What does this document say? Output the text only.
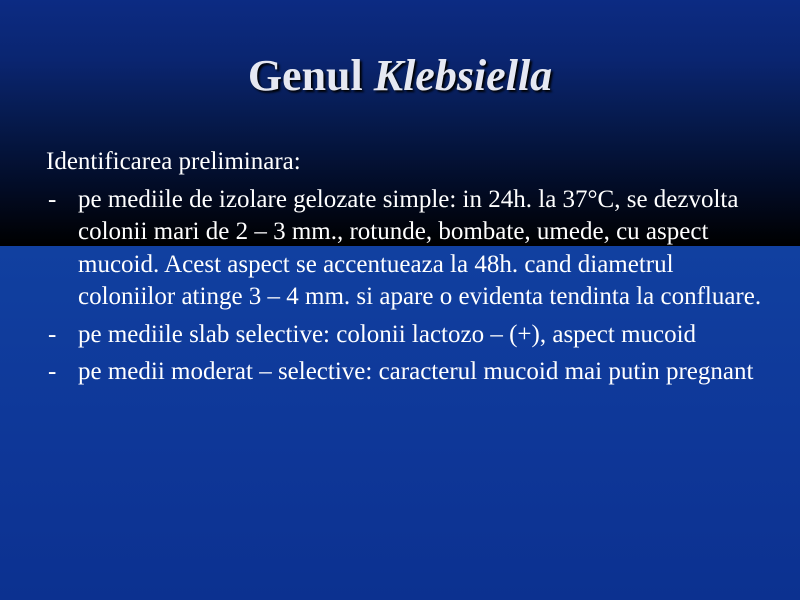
Genul Klebsiella
Identificarea preliminara:
- pe mediile de izolare gelozate simple: in 24h. la 37°C, se dezvolta colonii mari de 2 – 3 mm., rotunde, bombate, umede, cu aspect mucoid. Acest aspect se accentueaza la 48h. cand diametrul coloniilor atinge 3 – 4 mm. si apare o evidenta tendinta la confluare.
- pe mediile slab selective: colonii lactozo – (+), aspect mucoid
- pe medii moderat – selective: caracterul mucoid mai putin pregnant
